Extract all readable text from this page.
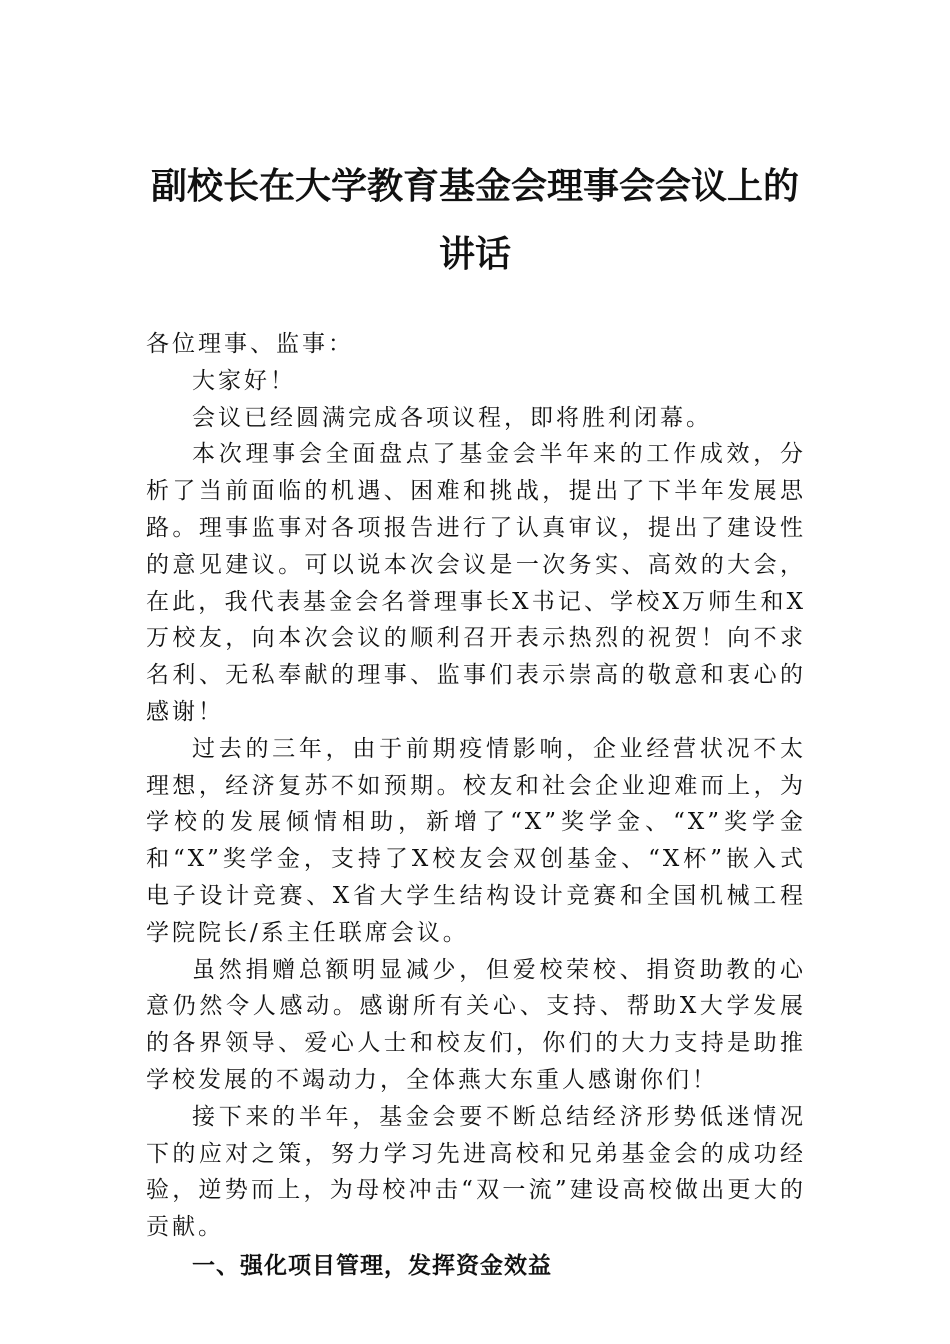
副校长在大学教育基金会理事会会议上的
讲话

各位理事、监事：

大家好！

会议已经圆满完成各项议程，即将胜利闭幕。

本次理事会全面盘点了基金会半年来的工作成效，分析了当前面临的机遇、困难和挑战，提出了下半年发展思路。理事监事对各项报告进行了认真审议，提出了建设性的意见建议。可以说本次会议是一次务实、高效的大会，在此，我代表基金会名誉理事长X书记、学校X万师生和X万校友，向本次会议的顺利召开表示热烈的祝贺！向不求名利、无私奉献的理事、监事们表示崇高的敬意和衷心的感谢！

过去的三年，由于前期疫情影响，企业经营状况不太理想，经济复苏不如预期。校友和社会企业迎难而上，为学校的发展倾情相助，新增了“X”奖学金、“X”奖学金和“X”奖学金，支持了X校友会双创基金、“X杯”嵌入式电子设计竞赛、X省大学生结构设计竞赛和全国机械工程学院院长/系主任联席会议。

虽然捐赠总额明显减少，但爱校荣校、捐资助教的心意仍然令人感动。感谢所有关心、支持、帮助X大学发展的各界领导、爱心人士和校友们，你们的大力支持是助推学校发展的不竭动力，全体燕大东重人感谢你们！

接下来的半年，基金会要不断总结经济形势低迷情况下的应对之策，努力学习先进高校和兄弟基金会的成功经验，逆势而上，为母校冲击“双一流”建设高校做出更大的贡献。

一、强化项目管理，发挥资金效益
